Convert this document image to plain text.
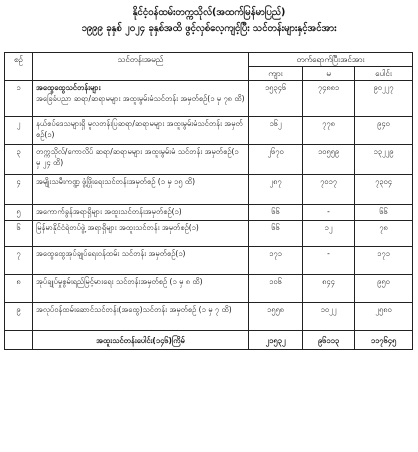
နိုင်ငံ့ဝန်ထမ်းတက္ကသိုလ်(အထက်မြန်မာပြည်)
၁၉၉၉ ခုနှစ် ၂၀၂၄ ခုနှစ်အထိ ဖွင့်လှစ်လေ့ကျင့်ပြီး သင်တန်းများနှင့်အင်အား
စဉ်	သင်တန်းအမည်	တက်ရောက်ပြီးအင်အား		
		ကျား	မ	ပေါင်း
၁	အထွေထွေသင်တန်းများ
အခြေခံပညာ ဆရာ/ဆရာမများ အထူးမွမ်းမံသင်တန်း အမှတ်စဉ်(၁ မှ ၇၈ ထိ)	၁၅၃၄၆	၇၄၈၈၁	၉၀၂၂၇
၂	နယ်စပ်ဒေသများရှိ မူလတန်းပြဆရာ/ဆရာမများ အထူးမွမ်းမံသင်တန်း အမှတ်စဉ်(၁)	၁၆၂	၇၇၈	၉၄၀
၃	တက္ကသိုလ်/ကောလိပ် ဆရာ/ဆရာမများ အထူးမွမ်းမံ သင်တန်း အမှတ်စဉ်(၁ မှ ၂၄ ထိ)	၂၆၇၀	၁၀၅၅၉	၁၃၂၂၉
၄	အမျိုးသမီးကဏ္ဍ ဖွံ့ဖြိုးရေးသင်တန်းအမှတ်စဉ် (၁ မှ ၁၅ ထိ)	၂၈၇	၇၀၁၇	၇၃၀၄
၅	အကောက်ခွန်အရာရှိများ အထူးသင်တန်းအမှတ်စဉ်(၁)	၆၆	-	၆၆
၆	မြန်မာနိုင်ငံရဲတပ်ဖွဲ့ အရာရှိများ အထူးသင်တန်း အမှတ်စဉ်(၁)	၆၆	၁၂	၇၈
၇	အထွေထွေအုပ်ချုပ်ရေးဝန်ထမ်း သင်တန်း အမှတ်စဉ်(၁)	၁၇၁	-	၁၇၁
၈	အုပ်ချုပ်မှုစွမ်းရည်မြင့်မားရေး သင်တန်းအမှတ်စဉ် (၁ မှ ၈ ထိ)	၁၀၆	၈၄၄	၉၅၀
၉	အလုပ်ဝန်ထမ်းဆောင်သင်တန်း(အထွေ)သင်တန်း အမှတ်စဉ် (၁ မှ ၇ ထိ)	၁၅၅၈	၁၀၂၂	၂၅၈၀
	အထူးသင်တန်းပေါင်း(၁၄၆)ကြိမ်	၂၁၅၃၂	၉၆၁၁၃	၁၁၇၆၄၅
